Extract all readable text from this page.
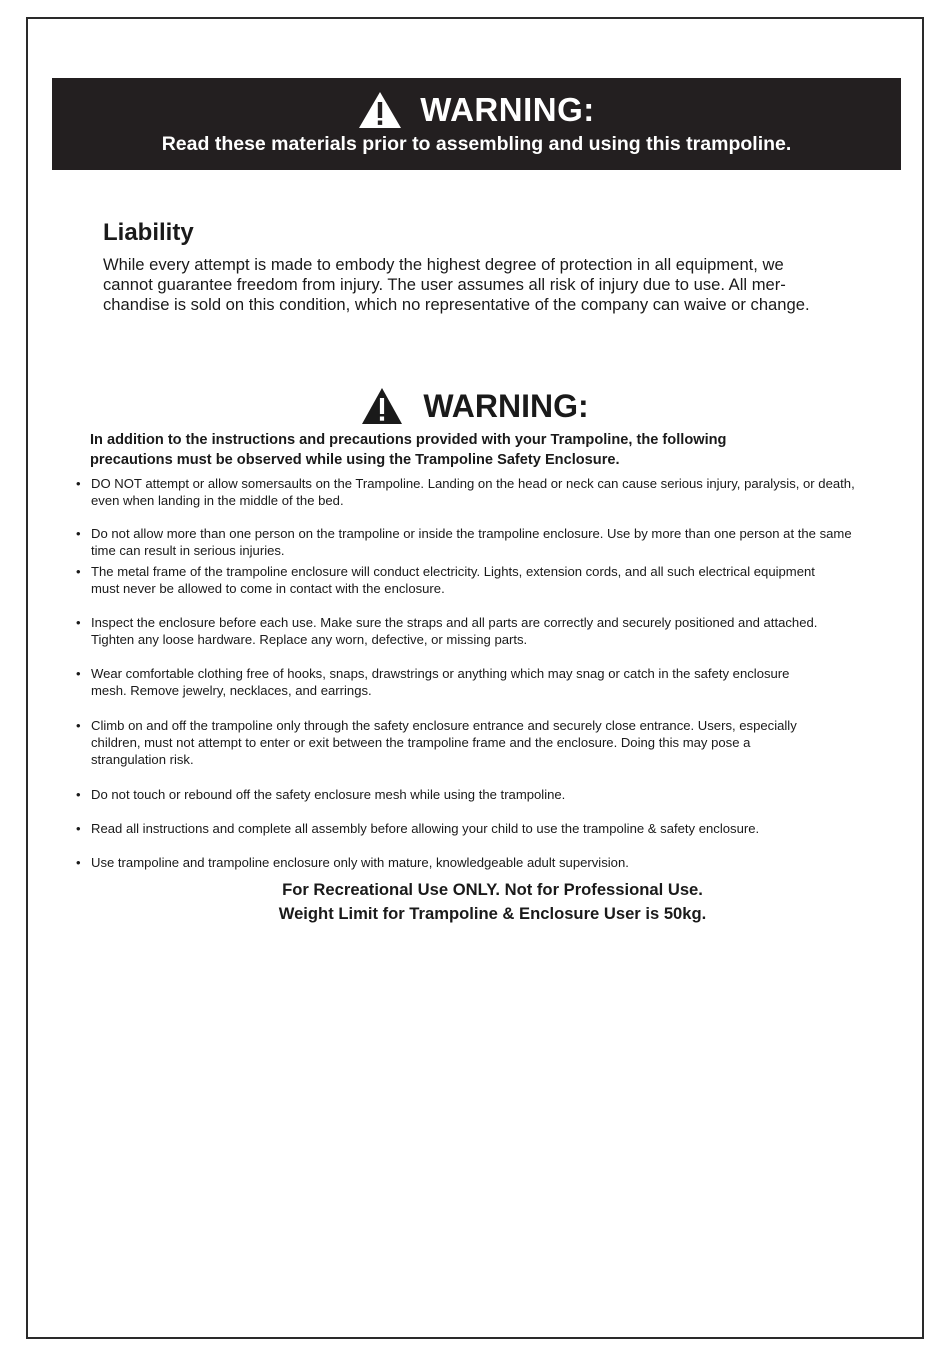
WARNING:
Read these materials prior to assembling and using this trampoline.
Liability
While every attempt is made to embody the highest degree of protection in all equipment, we
cannot guarantee freedom from injury. The user assumes all risk of injury due to use. All mer-
chandise is sold on this condition, which no representative of the company can waive or change.
WARNING:
In addition to the instructions and precautions provided with your Trampoline, the following
precautions must be observed while using the Trampoline Safety Enclosure.
• DO NOT attempt or allow somersaults on the Trampoline. Landing on the head or neck can cause serious injury, paralysis, or death,
even when landing in the middle of the bed.
• Do not allow more than one person on the trampoline or inside the trampoline enclosure. Use by more than one person at the same
time can result in serious injuries.
• The metal frame of the trampoline enclosure will conduct electricity. Lights, extension cords, and all such electrical equipment
must never be allowed to come in contact with the enclosure.
• Inspect the enclosure before each use. Make sure the straps and all parts are correctly and securely positioned and attached.
Tighten any loose hardware. Replace any worn, defective, or missing parts.
• Wear comfortable clothing free of hooks, snaps, drawstrings or anything which may snag or catch in the safety enclosure
mesh. Remove jewelry, necklaces, and earrings.
• Climb on and off the trampoline only through the safety enclosure entrance and securely close entrance. Users, especially
children, must not attempt to enter or exit between the trampoline frame and the enclosure. Doing this may pose a
strangulation risk.
• Do not touch or rebound off the safety enclosure mesh while using the trampoline.
• Read all instructions and complete all assembly before allowing your child to use the trampoline & safety enclosure.
• Use trampoline and trampoline enclosure only with mature, knowledgeable adult supervision.
For Recreational Use ONLY. Not for Professional Use.
Weight Limit for Trampoline & Enclosure User is 50kg.
